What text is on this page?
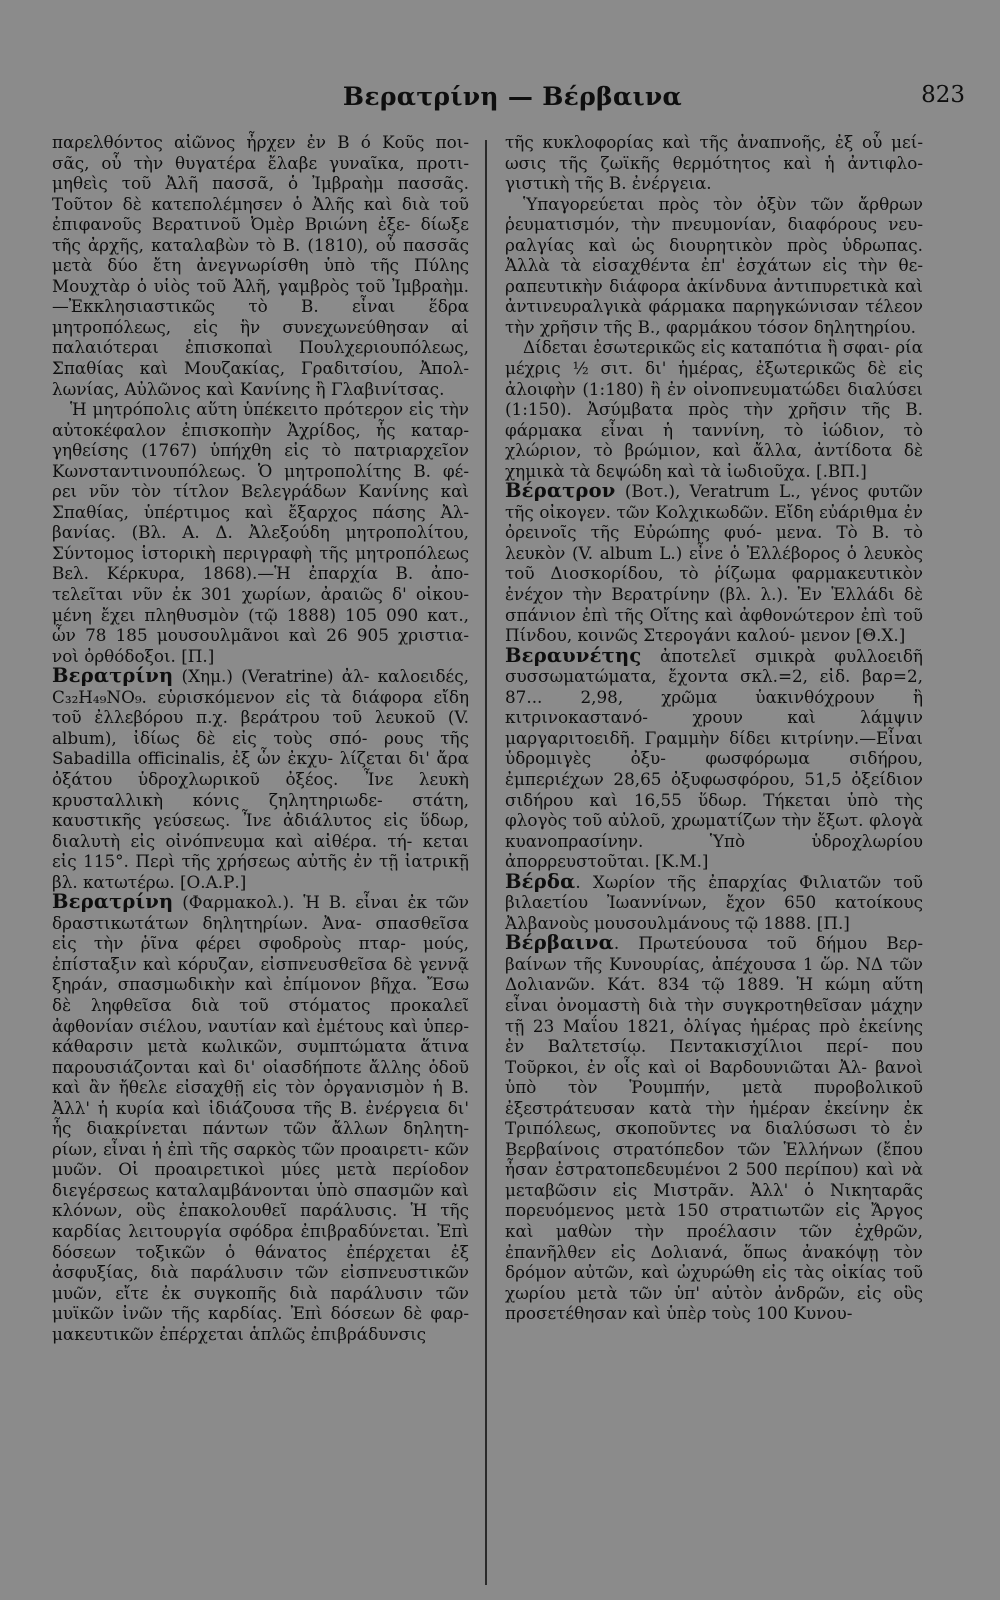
Βερατρίνη — Βέρβαινα	823

παρελθόντος αἰῶνος ἦρχεν ἐν Β ό Κοῦς ποι- σᾶς, οὗ τὴν θυγατέρα ἔλαβε γυναῖκα, προτι- μηθεὶς τοῦ Ἀλῆ πασσᾶ, ὁ Ἰμβραὴμ πασσᾶς. Τοῦτον δὲ κατεπολέμησεν ὁ Ἀλῆς καὶ διὰ τοῦ ἐπιφανοῦς Βερατινοῦ Ὀμὲρ Βριώνη ἐξε- δίωξε τῆς ἀρχῆς, καταλαβὼν τὸ Β. (1810), οὗ πασσᾶς μετὰ δύο ἔτη ἀνεγνωρίσθη ὑπὸ τῆς Πύλης Μουχτὰρ ὁ υἱὸς τοῦ Ἀλῆ, γαμβρὸς τοῦ Ἰμβραὴμ.—Ἐκκλησιαστικῶς τὸ Β. εἶναι ἕδρα μητροπόλεως, εἰς ἣν συνεχωνεύθησαν αἱ παλαιότεραι ἐπισκοπαὶ Πουλχεριουπόλεως, Σπαθίας καὶ Μουζακίας, Γραδιτσίου, Ἀπολ- λωνίας, Αὐλῶνος καὶ Κανίνης ἢ Γλαβινίτσας.

Ἡ μητρόπολις αὕτη ὑπέκειτο πρότερον εἰς τὴν αὐτοκέφαλον ἐπισκοπὴν Ἀχρίδος, ἧς καταρ- γηθείσης (1767) ὑπήχθη εἰς τὸ πατριαρχεῖον Κωνσταντινουπόλεως. Ὁ μητροπολίτης Β. φέ- ρει νῦν τὸν τίτλον Βελεγράδων Κανίνης καὶ Σπαθίας, ὑπέρτιμος καὶ ἔξαρχος πάσης Ἀλ- βανίας. (Βλ. Α. Δ. Ἀλεξούδη μητροπολίτου, Σύντομος ἱστορικὴ περιγραφὴ τῆς μητροπόλεως Βελ. Κέρκυρα, 1868).—Ἡ ἐπαρχία Β. ἀπο- τελεῖται νῦν ἐκ 301 χωρίων, ἀραιῶς δ' οἰκου- μένη ἔχει πληθυσμὸν (τῷ 1888) 105 090 κατ., ὧν 78 185 μουσουλμᾶνοι καὶ 26 905 χριστια- νοὶ ὀρθόδοξοι. [Π.]

Βερατρίνη (Χημ.) (Veratrine) ἀλ- καλοειδές, C₃₂H₄₉NO₉. εὑρισκόμενον εἰς τὰ διάφορα εἴδη τοῦ ἐλλεβόρου π.χ. βεράτρου τοῦ λευκοῦ (V. album), ἰδίως δὲ εἰς τοὺς σπό- ρους τῆς Sabadilla officinalis, ἐξ ὧν ἐκχυ- λίζεται δι' ἄρα ὀξάτου ὑδροχλωρικοῦ ὀξέος. Ἶνε λευκὴ κρυσταλλικὴ κόνις ζηλητηριωδε- στάτη, καυστικῆς γεύσεως. Ἶνε ἀδιάλυτος εἰς ὕδωρ, διαλυτὴ εἰς οἰνόπνευμα καὶ αἰθέρα. τή- κεται εἰς 115°. Περὶ τῆς χρήσεως αὐτῆς ἐν τῇ ἰατρικῇ βλ. κατωτέρω. [Ο.Α.Ρ.]

Βερατρίνη (Φαρμακολ.). Ἡ Β. εἶναι ἐκ τῶν δραστικωτάτων δηλητηρίων. Ἀνα- σπασθεῖσα εἰς τὴν ῥῖνα φέρει σφοδροὺς πταρ- μούς, ἐπίσταξιν καὶ κόρυζαν, εἰσπνευσθεῖσα δὲ γεννᾷ ξηράν, σπασμωδικὴν καὶ ἐπίμονον βῆχα. Ἔσω δὲ ληφθεῖσα διὰ τοῦ στόματος προκαλεῖ ἀφθονίαν σιέλου, ναυτίαν καὶ ἐμέτους καὶ ὑπερ- κάθαρσιν μετὰ κωλικῶν, συμπτώματα ἅτινα παρουσιάζονται καὶ δι' οἱασδήποτε ἄλλης ὁδοῦ καὶ ἂν ἤθελε εἰσαχθῇ εἰς τὸν ὀργανισμὸν ἡ Β. Ἀλλ' ἡ κυρία καὶ ἰδιάζουσα τῆς Β. ἐνέργεια δι' ἧς διακρίνεται πάντων τῶν ἄλλων δηλητη- ρίων, εἶναι ἡ ἐπὶ τῆς σαρκὸς τῶν προαιρετι- κῶν μυῶν. Οἱ προαιρετικοὶ μύες μετὰ περίοδον διεγέρσεως καταλαμβάνονται ὑπὸ σπασμῶν καὶ κλόνων, οὓς ἐπακολουθεῖ παράλυσις. Ἡ τῆς καρδίας λειτουργία σφόδρα ἐπιβραδύνεται. Ἐπὶ δόσεων τοξικῶν ὁ θάνατος ἐπέρχεται ἐξ ἀσφυξίας, διὰ παράλυσιν τῶν εἰσπνευστικῶν μυῶν, εἴτε ἐκ συγκοπῆς διὰ παράλυσιν τῶν μυϊκῶν ἰνῶν τῆς καρδίας. Ἐπὶ δόσεων δὲ φαρ- μακευτικῶν ἐπέρχεται ἁπλῶς ἐπιβράδυνσις

τῆς κυκλοφορίας καὶ τῆς ἀναπνοῆς, ἐξ οὗ μεί- ωσις τῆς ζωϊκῆς θερμότητος καὶ ἡ ἀντιφλο- γιστικὴ τῆς Β. ἐνέργεια.

Ὑπαγορεύεται πρὸς τὸν ὀξὺν τῶν ἄρθρων ῥευματισμόν, τὴν πνευμονίαν, διαφόρους νευ- ραλγίας καὶ ὡς διουρητικὸν πρὸς ὑδρωπας. Ἀλλὰ τὰ εἰσαχθέντα ἐπ' ἐσχάτων εἰς τὴν θε- ραπευτικὴν διάφορα ἀκίνδυνα ἀντιπυρετικὰ καὶ ἀντινευραλγικὰ φάρμακα παρηγκώνισαν τέλεον τὴν χρῆσιν τῆς Β., φαρμάκου τόσον δηλητηρίου.

Δίδεται ἐσωτερικῶς εἰς καταπότια ἢ σφαι- ρία μέχρις ½ σιτ. δι' ἡμέρας, ἐξωτερικῶς δὲ εἰς ἀλοιφὴν (1:180) ἢ ἐν οἰνοπνευματώδει διαλύσει (1:150). Ἀσύμβατα πρὸς τὴν χρῆσιν τῆς Β. φάρμακα εἶναι ἡ ταννίνη, τὸ ἰώδιον, τὸ χλώριον, τὸ βρώμιον, καὶ ἄλλα, ἀντίδοτα δὲ χημικὰ τὰ δεψώδη καὶ τὰ ἰωδιοῦχα. [.ΒΠ.]

Βέρατρον (Βοτ.), Veratrum L., γένος φυτῶν τῆς οἰκογεν. τῶν Κολχικωδῶν. Εἴδη εὐάριθμα ἐν ὀρεινοῖς τῆς Εὐρώπης φυό- μενα. Τὸ Β. τὸ λευκὸν (V. album L.) εἶνε ὁ Ἐλλέβορος ὁ λευκὸς τοῦ Διοσκορίδου, τὸ ῥίζωμα φαρμακευτικὸν ἐνέχον τὴν Βερατρίνην (βλ. λ.). Ἐν Ἑλλάδι δὲ σπάνιον ἐπὶ τῆς Οἴτης καὶ ἀφθονώτερον ἐπὶ τοῦ Πίνδου, κοινῶς Στερογάνι καλού- μενον [Θ.Χ.]

Βεραυνέτης ἀποτελεῖ σμικρὰ φυλλοειδῆ συσσωματώματα, ἔχοντα σκλ.=2, εἰδ. βαρ=2, 87... 2,98, χρῶμα ὑακινθόχρουν ἢ κιτρινοκαστανό- χρουν καὶ λάμψιν μαργαριτοειδῆ. Γραμμὴν δίδει κιτρίνην.—Εἶναι ὑδρομιγὲς ὀξυ- φωσφόρωμα σιδήρου, ἐμπεριέχων 28,65 ὀξυφωσφόρου, 51,5 ὀξείδιον σιδήρου καὶ 16,55 ὕδωρ. Τήκεται ὑπὸ τὴς φλογὸς τοῦ αὐλοῦ, χρωματίζων τὴν ἔξωτ. φλογὰ κυανοπρασίνην. Ὑπὸ ὑδροχλωρίου ἀπορρευστοῦται. [Κ.Μ.]

Βέρδα. Χωρίον τῆς ἐπαρχίας Φιλιατῶν τοῦ βιλαετίου Ἰωαννίνων, ἔχον 650 κατοίκους Ἀλβανοὺς μουσουλμάνους τῷ 1888. [Π.]

Βέρβαινα. Πρωτεύουσα τοῦ δήμου Βερ- βαίνων τῆς Κυνουρίας, ἀπέχουσα 1 ὥρ. ΝΔ τῶν Δολιανῶν. Κάτ. 834 τῷ 1889. Ἡ κώμη αὕτη εἶναι ὀνομαστὴ διὰ τὴν συγκροτηθεῖσαν μάχην τῇ 23 Μαΐου 1821, ὀλίγας ἡμέρας πρὸ ἐκείνης ἐν Βαλτετσίῳ. Πεντακισχίλιοι περί- που Τοῦρκοι, ἐν οἷς καὶ οἱ Βαρδουνιῶται Ἀλ- βανοὶ ὑπὸ τὸν Ῥουμπήν, μετὰ πυροβολικοῦ ἐξεστράτευσαν κατὰ τὴν ἡμέραν ἐκείνην ἐκ Τριπόλεως, σκοποῦντες να διαλύσωσι τὸ ἐν Βερβαίνοις στρατόπεδον τῶν Ἑλλήνων (ἔπου ἦσαν ἐστρατοπεδευμένοι 2 500 περίπου) καὶ νὰ μεταβῶσιν εἰς Μιστρᾶν. Ἀλλ' ὁ Νικηταρᾶς πορευόμενος μετὰ 150 στρατιωτῶν εἰς Ἄργος καὶ μαθὼν τὴν προέλασιν τῶν ἐχθρῶν, ἐπανῆλθεν εἰς Δολιανά, ὅπως ἀνακόψῃ τὸν δρόμον αὐτῶν, καὶ ὠχυρώθη εἰς τὰς οἰκίας τοῦ χωρίου μετὰ τῶν ὑπ' αὐτὸν ἀνδρῶν, εἰς οὓς προσετέθησαν καὶ ὑπὲρ τοὺς 100 Κυνου-
